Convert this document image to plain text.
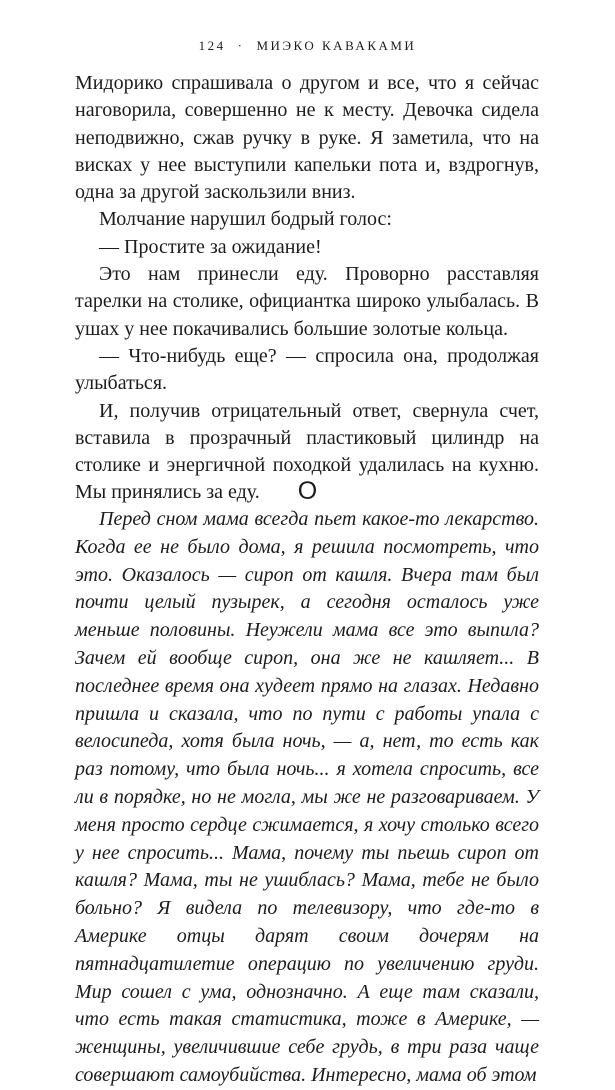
124 · МИЭКО КАВАКАМИ

Мидорико спрашивала о другом и все, что я сейчас наговорила, совершенно не к месту. Девочка сидела неподвижно, сжав ручку в руке. Я заметила, что на висках у нее выступили капельки пота и, вздрогнув, одна за другой заскользили вниз.

Молчание нарушил бодрый голос:

— Простите за ожидание!

Это нам принесли еду. Проворно расставляя тарелки на столике, официантка широко улыбалась. В ушах у нее покачивались большие золотые кольца.

— Что-нибудь еще? — спросила она, продолжая улыбаться.

И, получив отрицательный ответ, свернула счет, вставила в прозрачный пластиковый цилиндр на столике и энергичной походкой удалилась на кухню. Мы принялись за еду.	O

Перед сном мама всегда пьет какое-то лекарство. Когда ее не было дома, я решила посмотреть, что это. Оказалось — сироп от кашля. Вчера там был почти целый пузырек, а сегодня осталось уже меньше половины. Неужели мама все это выпила? Зачем ей вообще сироп, она же не кашляет... В последнее время она худеет прямо на глазах. Недавно пришла и сказала, что по пути с работы упала с велосипеда, хотя была ночь, — а, нет, то есть как раз потому, что была ночь... я хотела спросить, все ли в порядке, но не могла, мы же не разговариваем. У меня просто сердце сжимается, я хочу столько всего у нее спросить... Мама, почему ты пьешь сироп от кашля? Мама, ты не ушиблась? Мама, тебе не было больно? Я видела по телевизору, что где-то в Америке отцы дарят своим дочерям на пятнадцатилетие операцию по увеличению груди. Мир сошел с ума, однозначно. А еще там сказали, что есть такая статистика, тоже в Америке, — женщины, увеличившие себе грудь, в три раза чаще совершают самоубийства. Интересно, мама об этом
